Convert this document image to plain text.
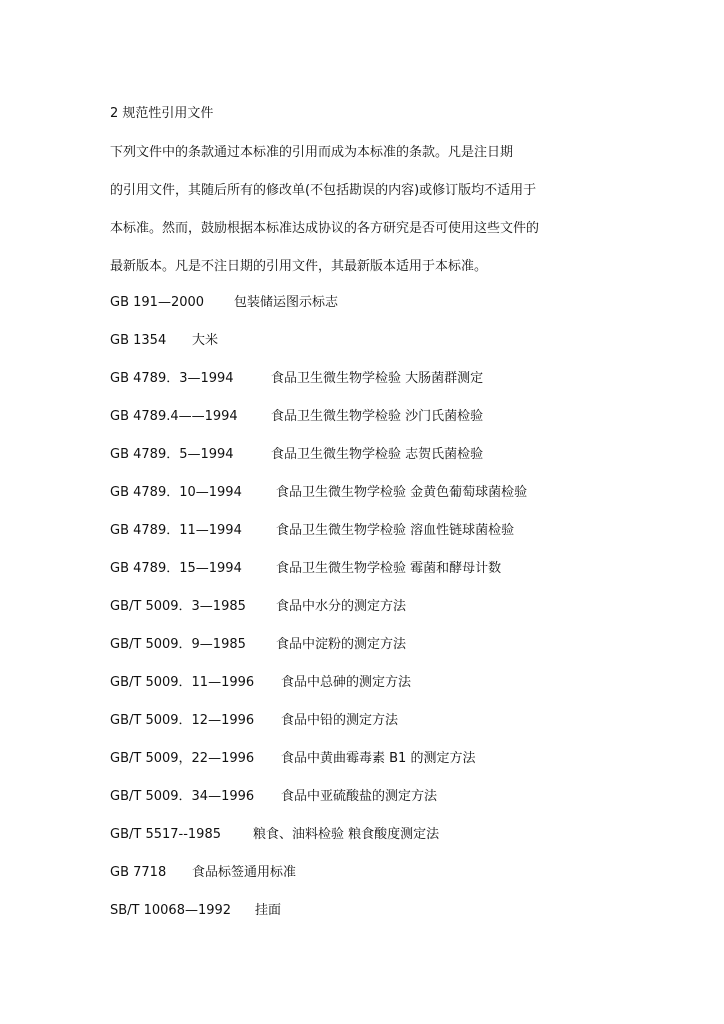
2 规范性引用文件
下列文件中的条款通过本标准的引用而成为本标准的条款。凡是注日期
的引用文件，其随后所有的修改单(不包括勘误的内容)或修订版均不适用于
本标准。然而，鼓励根据本标准达成协议的各方研究是否可使用这些文件的
最新版本。凡是不注日期的引用文件，其最新版本适用于本标准。
GB 191—2000 包装储运图示标志
GB 1354 大米
GB 4789．3—1994	食品卫生微生物学检验 大肠菌群测定
GB 4789.4——1994	食品卫生微生物学检验 沙门氏菌检验
GB 4789．5—1994	食品卫生微生物学检验 志贺氏菌检验
GB 4789．10—1994	食品卫生微生物学检验 金黄色葡萄球菌检验
GB 4789．11—1994	食品卫生微生物学检验 溶血性链球菌检验
GB 4789．15—1994	食品卫生微生物学检验 霉菌和酵母计数
GB/T 5009．3—1985 食品中水分的测定方法
GB/T 5009．9—1985 食品中淀粉的测定方法
GB/T 5009．11—1996 食品中总砷的测定方法
GB/T 5009．12—1996 食品中铅的测定方法
GB/T 5009，22—1996 食品中黄曲霉毒素 B1 的测定方法
GB/T 5009．34—1996 食品中亚硫酸盐的测定方法
GB/T 5517--1985 粮食、油料检验 粮食酸度测定法
GB 7718 食品标签通用标准
SB/T 10068—1992 挂面
